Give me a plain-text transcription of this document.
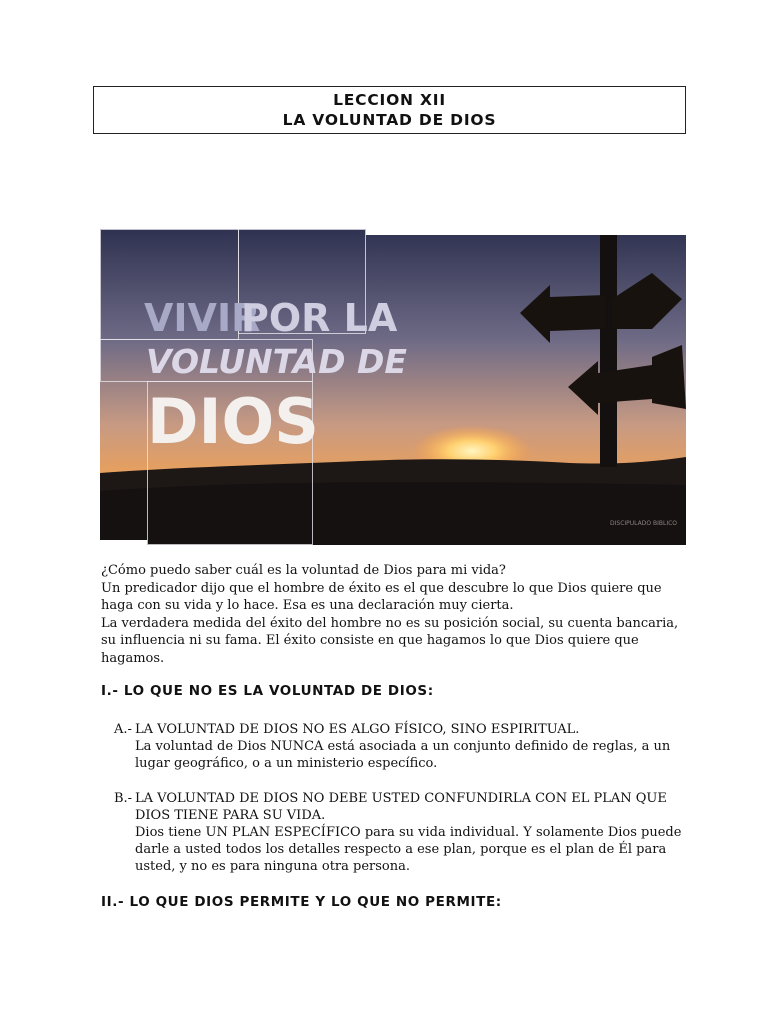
LECCION XII
LA VOLUNTAD DE DIOS
VIVIR
POR LA
VOLUNTAD DE
DIOS
DISCIPULADO BIBLICO

¿Cómo puedo saber cuál es la voluntad de Dios para mi vida?

Un predicador dijo que el hombre de éxito es el que descubre lo que Dios quiere que haga con su vida y lo hace. Esa es una declaración muy cierta.

La verdadera medida del éxito del hombre no es su posición social, su cuenta bancaria, su influencia ni su fama. El éxito consiste en que hagamos lo que Dios quiere que hagamos.

I.- LO QUE NO ES LA VOLUNTAD DE DIOS:
A.- LA VOLUNTAD DE DIOS NO ES ALGO FÍSICO, SINO ESPIRITUAL.
La voluntad de Dios NUNCA está asociada a un conjunto definido de reglas, a un lugar geográfico, o a un ministerio específico.
B.- LA VOLUNTAD DE DIOS NO DEBE USTED CONFUNDIRLA CON EL PLAN QUE DIOS TIENE PARA SU VIDA.
Dios tiene UN PLAN ESPECÍFICO para su vida individual. Y solamente Dios puede darle a usted todos los detalles respecto a ese plan, porque es el plan de Él para usted, y no es para ninguna otra persona.
II.- LO QUE DIOS PERMITE Y LO QUE NO PERMITE:
